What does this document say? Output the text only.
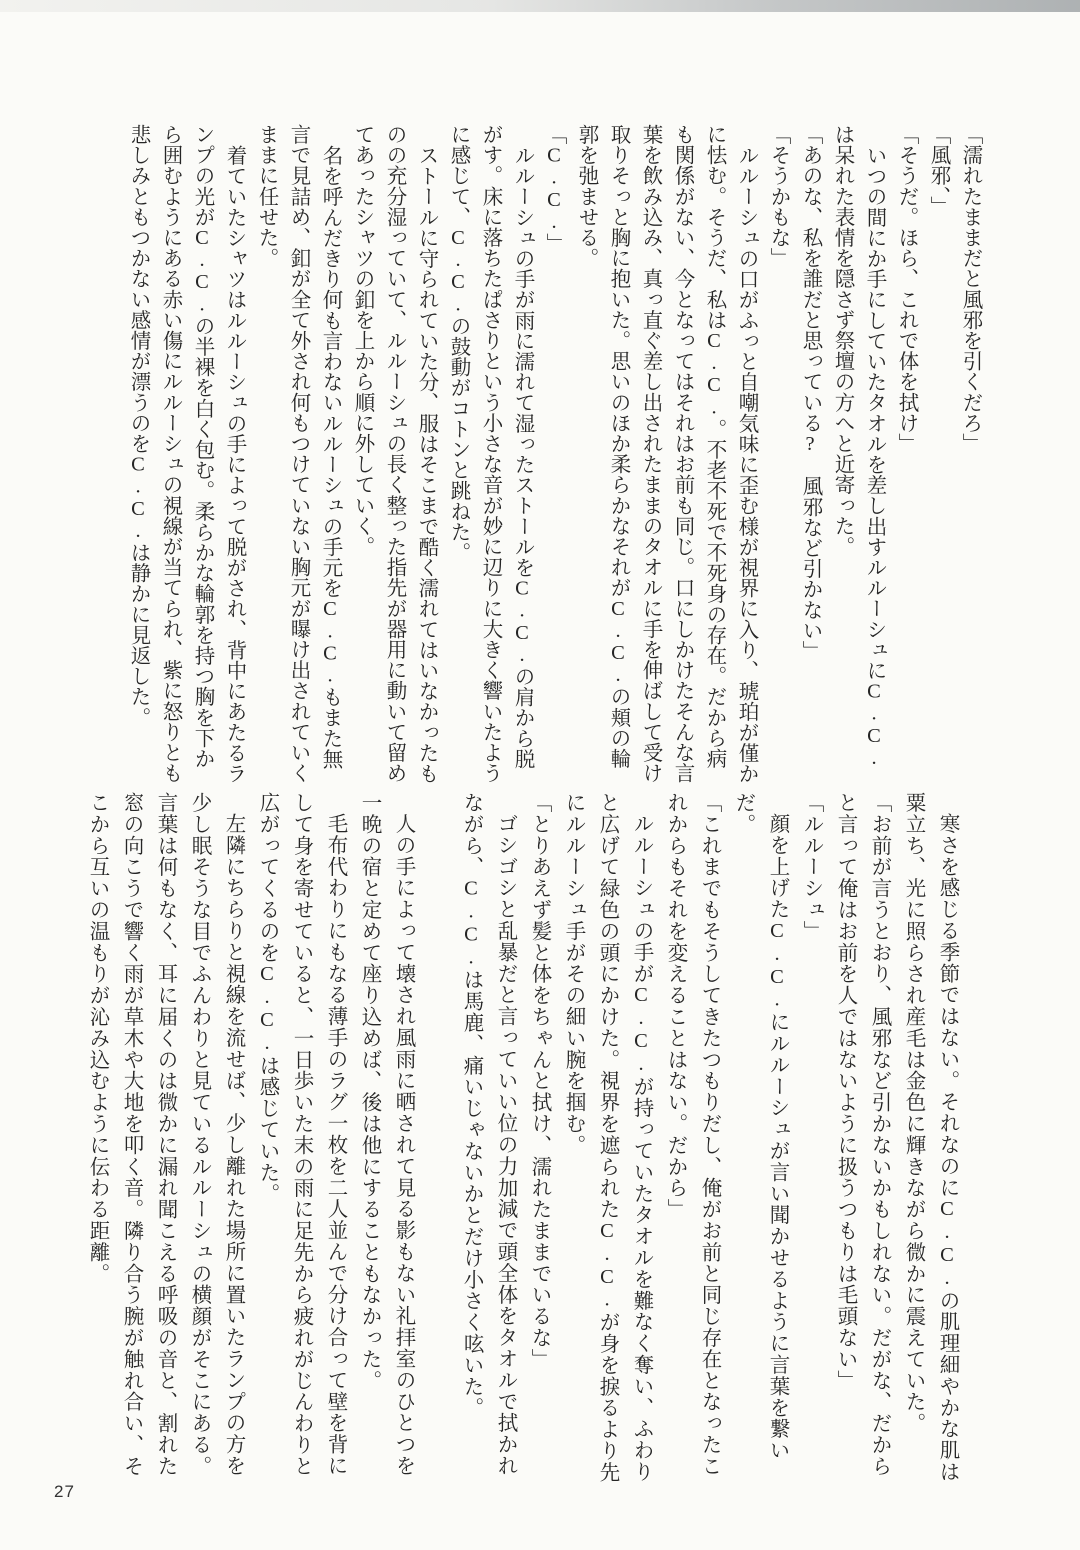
「濡れたままだと風邪を引くだろ」

「風邪、」

「そうだ。ほら、これで体を拭け」

いつの間にか手にしていたタオルを差し出すルルーシュにC.C.は呆れた表情を隠さず祭壇の方へと近寄った。

「あのな、私を誰だと思っている?　風邪など引かない」

「そうかもな」

ルルーシュの口がふっと自嘲気味に歪む様が視界に入り、琥珀が僅かに怯む。そうだ、私はC.C.。不老不死で不死身の存在。だから病も関係がない、今となってはそれはお前も同じ。口にしかけたそんな言葉を飲み込み、真っ直ぐ差し出されたままのタオルに手を伸ばして受け取りそっと胸に抱いた。思いのほか柔らかなそれがC.C.の頬の輪郭を弛ませる。

「C.C.」

ルルーシュの手が雨に濡れて湿ったストールをC.C.の肩から脱がす。床に落ちたぱさりという小さな音が妙に辺りに大きく響いたように感じて、C.C.の鼓動がコトンと跳ねた。

ストールに守られていた分、服はそこまで酷く濡れてはいなかったものの充分湿っていて、ルルーシュの長く整った指先が器用に動いて留めてあったシャツの釦を上から順に外していく。

名を呼んだきり何も言わないルルーシュの手元をC.C.もまた無言で見詰め、釦が全て外され何もつけていない胸元が曝け出されていくままに任せた。

着ていたシャツはルルーシュの手によって脱がされ、背中にあたるランプの光がC.C.の半裸を白く包む。柔らかな輪郭を持つ胸を下から囲むようにある赤い傷にルルーシュの視線が当てられ、紫に怒りとも悲しみともつかない感情が漂うのをC.C.は静かに見返した。

寒さを感じる季節ではない。それなのにC.C.の肌理細やかな肌は粟立ち、光に照らされ産毛は金色に輝きながら微かに震えていた。

「お前が言うとおり、風邪など引かないかもしれない。だがな、だからと言って俺はお前を人ではないように扱うつもりは毛頭ない」

「ルルーシュ」

顔を上げたC.C.にルルーシュが言い聞かせるように言葉を繋いだ。

「これまでもそうしてきたつもりだし、俺がお前と同じ存在となったこれからもそれを変えることはない。だから」

ルルーシュの手がC.C.が持っていたタオルを難なく奪い、ふわりと広げて緑色の頭にかけた。視界を遮られたC.C.が身を捩るより先にルルーシュ手がその細い腕を掴む。

「とりあえず髪と体をちゃんと拭け、濡れたままでいるな」

ゴシゴシと乱暴だと言っていい位の力加減で頭全体をタオルで拭かれながら、C.C.は馬鹿、痛いじゃないかとだけ小さく呟いた。

人の手によって壊され風雨に晒されて見る影もない礼拝室のひとつを一晩の宿と定めて座り込めば、後は他にすることもなかった。

毛布代わりにもなる薄手のラグ一枚を二人並んで分け合って壁を背にして身を寄せていると、一日歩いた末の雨に足先から疲れがじんわりと広がってくるのをC.C.は感じていた。

左隣にちらりと視線を流せば、少し離れた場所に置いたランプの方を少し眠そうな目でふんわりと見ているルルーシュの横顔がそこにある。言葉は何もなく、耳に届くのは微かに漏れ聞こえる呼吸の音と、割れた窓の向こうで響く雨が草木や大地を叩く音。隣り合う腕が触れ合い、そこから互いの温もりが沁み込むように伝わる距離。

27
